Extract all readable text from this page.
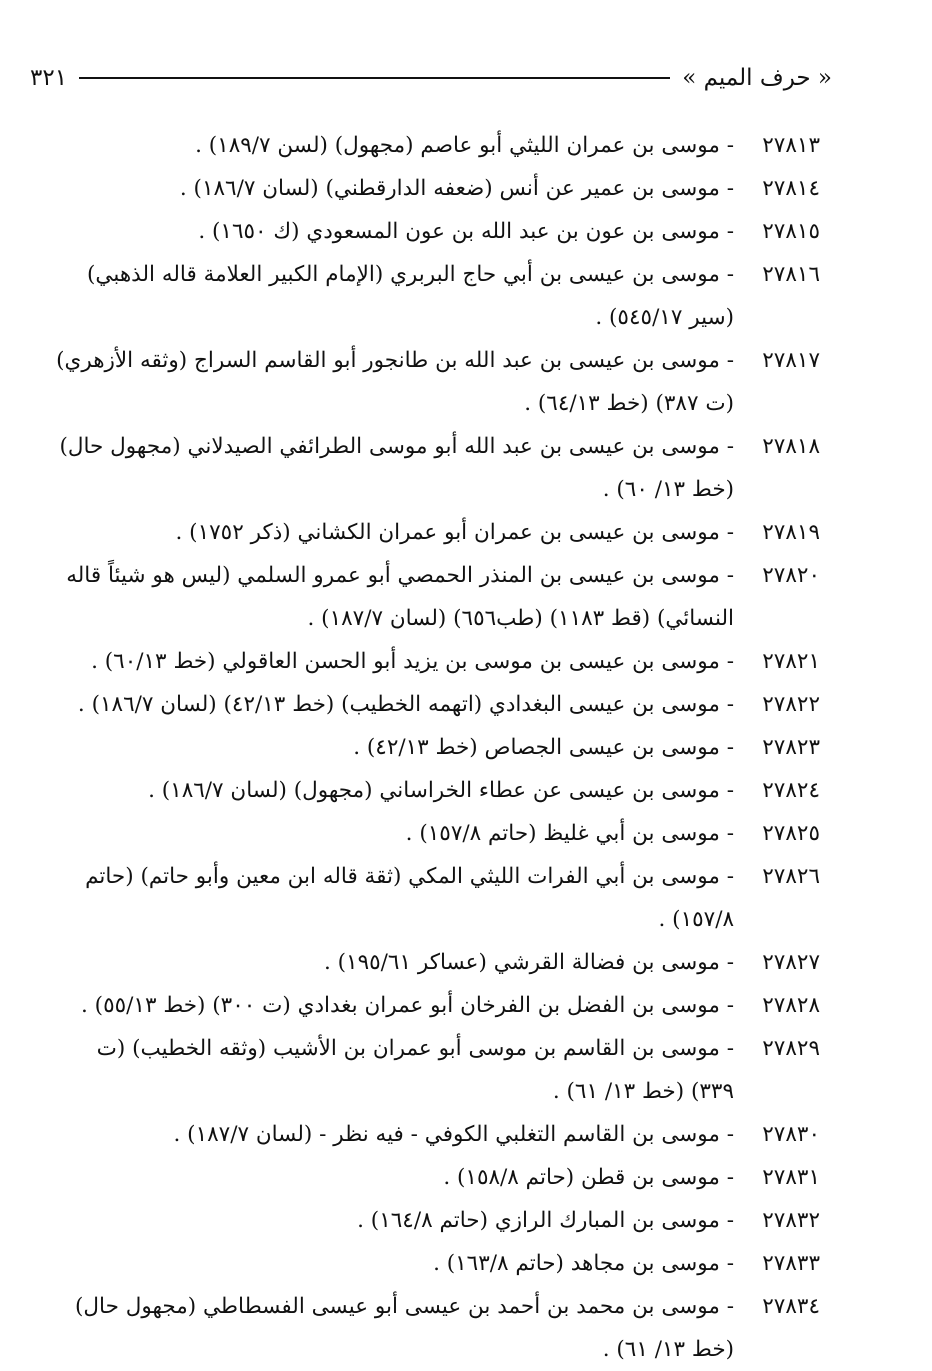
« حرف الميم »
٣٢١
٢٧٨١٣
- موسى بن عمران الليثي أبو عاصم (مجهول) (لسن ١٨٩/٧) .
٢٧٨١٤
- موسى بن عمير عن أنس (ضعفه الدارقطني) (لسان ١٨٦/٧) .
٢٧٨١٥
- موسى بن عون بن عبد الله بن عون المسعودي (ك ١٦٥٠) .
٢٧٨١٦
- موسى بن عيسى بن أبي حاج البربري (الإمام الكبير العلامة قاله الذهبي) (سير ٥٤٥/١٧) .
٢٧٨١٧
- موسى بن عيسى بن عبد الله بن طانجور أبو القاسم السراج (وثقه الأزهري) (ت ٣٨٧) (خط ٦٤/١٣) .
٢٧٨١٨
- موسى بن عيسى بن عبد الله أبو موسى الطرائفي الصيدلاني (مجهول حال) (خط ١٣/ ٦٠) .
٢٧٨١٩
- موسى بن عيسى بن عمران أبو عمران الكشاني (ذكر ١٧٥٢) .
٢٧٨٢٠
- موسى بن عيسى بن المنذر الحمصي أبو عمرو السلمي (ليس هو شيئاً قاله النسائي) (قط ١١٨٣) (طب٦٥٦) (لسان ١٨٧/٧) .
٢٧٨٢١
- موسى بن عيسى بن موسى بن يزيد أبو الحسن العاقولي (خط ٦٠/١٣) .
٢٧٨٢٢
- موسى بن عيسى البغدادي (اتهمه الخطيب) (خط ٤٢/١٣) (لسان ١٨٦/٧) .
٢٧٨٢٣
- موسى بن عيسى الجصاص (خط ٤٢/١٣) .
٢٧٨٢٤
- موسى بن عيسى عن عطاء الخراساني (مجهول) (لسان ١٨٦/٧) .
٢٧٨٢٥
- موسى بن أبي غليظ (حاتم ١٥٧/٨) .
٢٧٨٢٦
- موسى بن أبي الفرات الليثي المكي (ثقة قاله ابن معين وأبو حاتم) (حاتم ١٥٧/٨) .
٢٧٨٢٧
- موسى بن فضالة القرشي (عساكر ١٩٥/٦١) .
٢٧٨٢٨
- موسى بن الفضل بن الفرخان أبو عمران بغدادي (ت ٣٠٠) (خط ٥٥/١٣) .
٢٧٨٢٩
- موسى بن القاسم بن موسى أبو عمران بن الأشيب (وثقه الخطيب) (ت ٣٣٩) (خط ١٣/ ٦١) .
٢٧٨٣٠
- موسى بن القاسم التغلبي الكوفي - فيه نظر - (لسان ١٨٧/٧) .
٢٧٨٣١
- موسى بن قطن (حاتم ١٥٨/٨) .
٢٧٨٣٢
- موسى بن المبارك الرازي (حاتم ١٦٤/٨) .
٢٧٨٣٣
- موسى بن مجاهد (حاتم ١٦٣/٨) .
٢٧٨٣٤
- موسى بن محمد بن أحمد بن عيسى أبو عيسى الفسطاطي (مجهول حال) (خط ١٣/ ٦١) .
